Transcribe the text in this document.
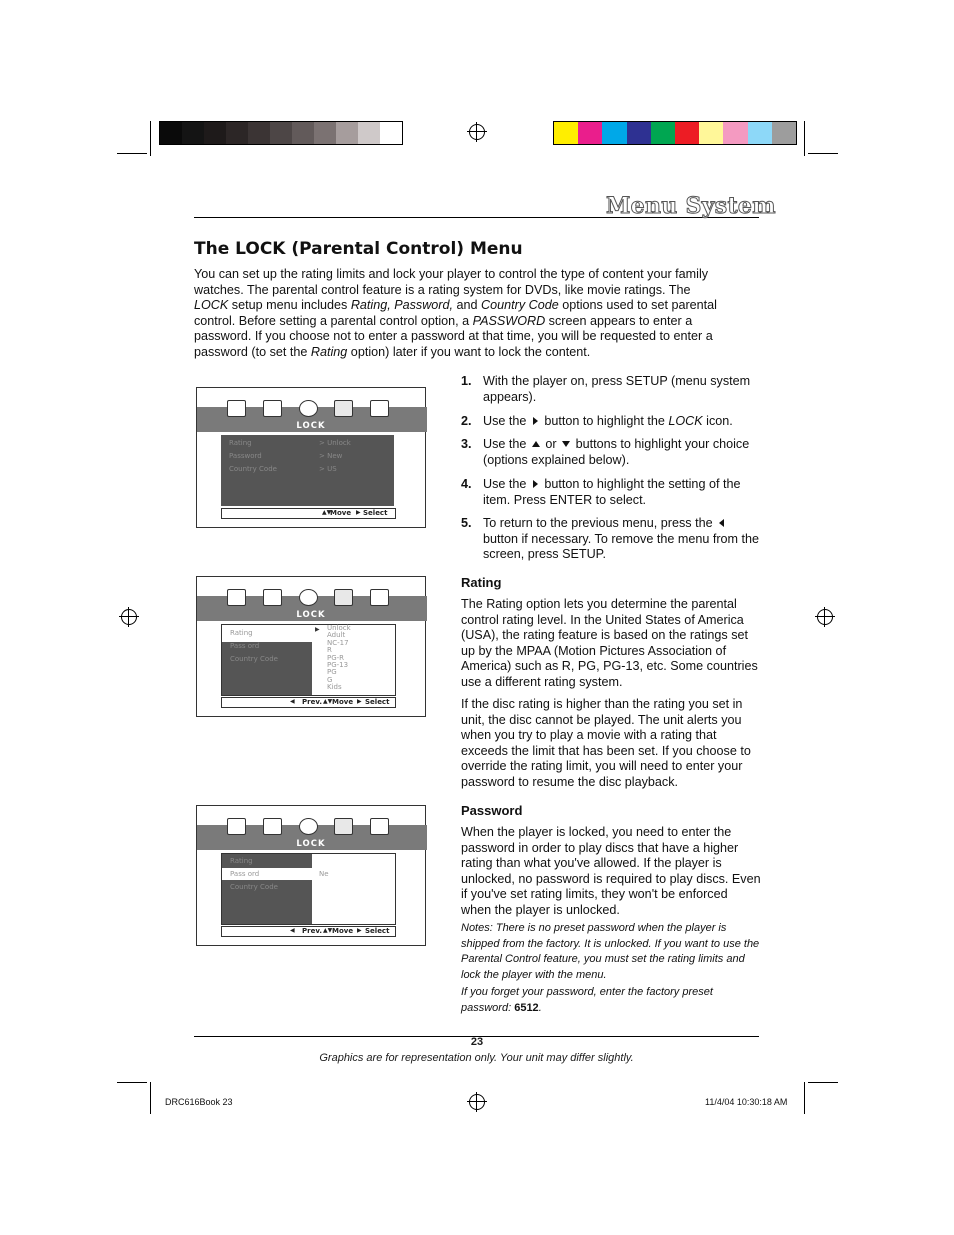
Menu System
The LOCK (Parental Control) Menu
You can set up the rating limits and lock your player to control the type of content your family watches. The parental control feature is a rating system for DVDs, like movie ratings. The LOCK setup menu includes Rating, Password, and Country Code options used to set parental control. Before setting a parental control option, a PASSWORD screen appears to enter a password. If you choose not to enter a password at that time, you will be requested to enter a password (to set the Rating option) later if you want to lock the content.
1. With the player on, press SETUP (menu system appears).
2. Use the  button to highlight the LOCK icon.
3. Use the  or  buttons to highlight your choice (options explained below).
4. Use the  button to highlight the setting of the item. Press ENTER to select.
5. To return to the previous menu, press the  button if necessary. To remove the menu from the screen, press SETUP.
Rating
The Rating option lets you determine the parental control rating level. In the United States of America (USA), the rating feature is based on the ratings set up by the MPAA (Motion Pictures Association of America) such as R, PG, PG-13, etc. Some countries use a different rating system.
If the disc rating is higher than the rating you set in unit, the disc cannot be played. The unit alerts you when you try to play a movie with a rating that exceeds the limit that has been set. If you choose to override the rating limit, you will need to enter your password to resume the disc playback.
Password
When the player is locked, you need to enter the password in order to play discs that have a higher rating than what you've allowed. If the player is unlocked, no password is required to play discs. Even if you've set rating limits, they won't be enforced when the player is unlocked.
Notes: There is no preset password when the player is shipped from the factory. It is unlocked. If you want to use the Parental Control feature, you must set the rating limits and lock the player with the menu.
If you forget your password, enter the factory preset password: 6512.
LOCK
Rating
Password
Country Code
> Unlock
> New
> US
▲▼
Move ▶ Select
LOCK
Rating
Pass ord
Country Code
▶ Unlock
Adult
NC-17
R
PG-R
PG-13
PG
G
Kids
◀ Prev. ▲▼ Move ▶ Select
LOCK
Rating
Pass ord
Country Code
Ne
◀ Prev. ▲▼ Move ▶ Select
23
Graphics are for representation only. Your unit may differ slightly.
DRC616Book 23	11/4/04 10:30:18 AM
